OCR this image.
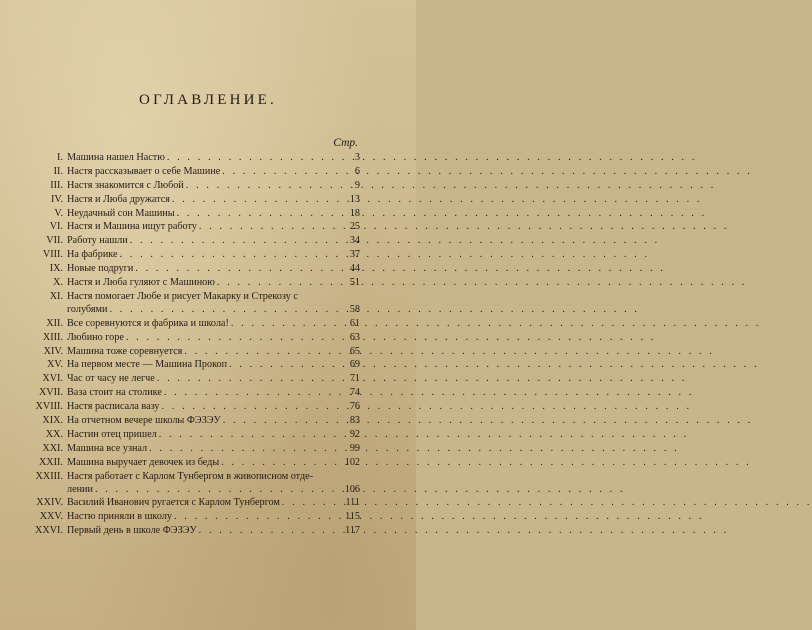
ОГЛАВЛЕНИЕ.
Стр.
I. Машина нашел Настю . . .	3
II. Настя рассказывает о себе Машине . . .	6
III. Настя знакомится с Любой . . .	9
IV. Настя и Люба дружатся . . .	13
V. Неудачный сон Машины . . .	18
VI. Настя и Машина ищут работу . . .	25
VII. Работу нашли . . .	34
VIII. На фабрике . . .	37
IX. Новые подруги . . .	44
X. Настя и Люба гуляют с Машиною . . .	51
XI. Настя помогает Любе и рисует Макарку и Стрекозу с
голубями . . .	58
XII. Все соревнуются и фабрика и школа! . . .	61
XIII. Любино горе . . .	63
XIV. Машина тоже соревнуется . . .	65
XV. На первом месте — Машина Прокоп . . .	69
XVI. Час от часу не легче . . .	71
XVII. Ваза стоит на столике . . .	74
XVIII. Настя расписала вазу . . .	76
XIX. На отчетном вечере школы ФЭЗЭУ . . .	83
XX. Настин отец пришел . . .	92
XXI. Машина все узнал . . .	99
XXII. Машина выручает девочек из беды . . .	102
XXIII. Настя работает с Карлом Тунбергом в живописном отде-
лении . . .	106
XXIV. Василий Иванович ругается с Карлом Тунбергом . . .	111
XXV. Настю приняли в школу . . .	115
XXVI. Первый день в школе ФЭЗЭУ . . .	117
